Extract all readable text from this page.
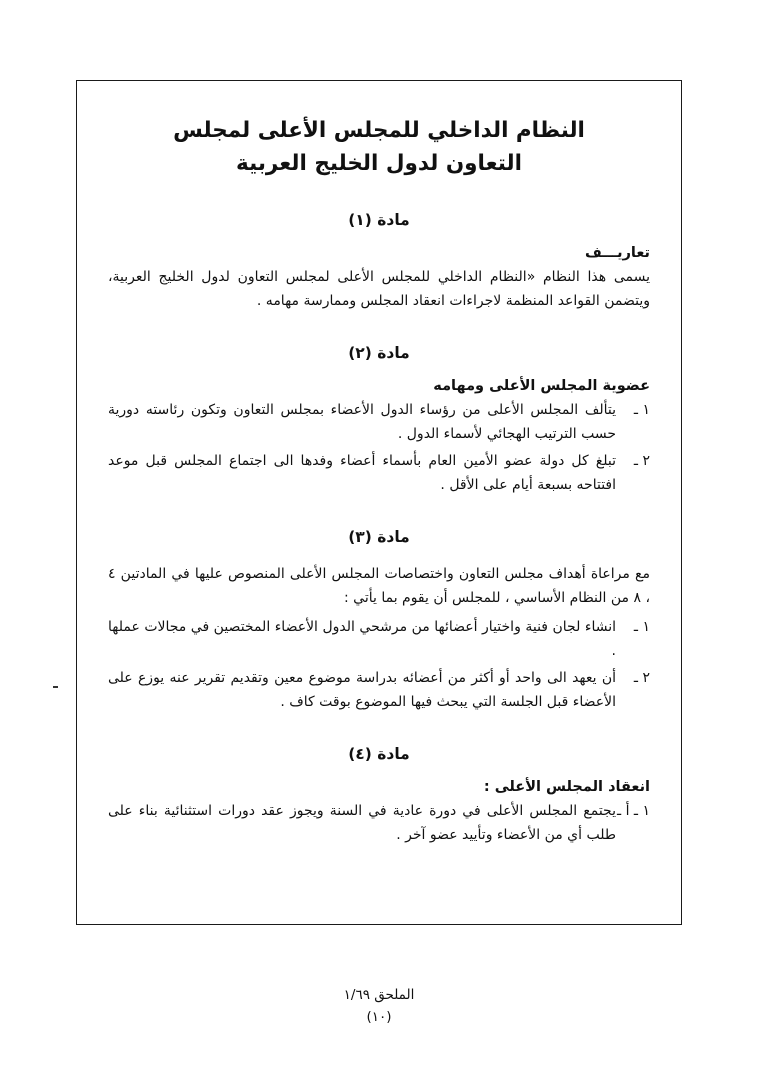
النظام الداخلي للمجلس الأعلى لمجلس
التعاون لدول الخليج العربية
مادة (١)
تعاريـــف
يسمى هذا النظام «النظام الداخلي للمجلس الأعلى لمجلس التعاون لدول الخليج العربية، ويتضمن القواعد المنظمة لاجراءات انعقاد المجلس وممارسة مهامه .
مادة (٢)
عضوية المجلس الأعلى ومهامه
١ ـ
يتألف المجلس الأعلى من رؤساء الدول الأعضاء بمجلس التعاون وتكون رئاسته دورية حسب الترتيب الهجائي لأسماء الدول .
٢ ـ
تبلغ كل دولة عضو الأمين العام بأسماء أعضاء وفدها الى اجتماع المجلس قبل موعد افتتاحه بسبعة أيام على الأقل .
مادة (٣)
مع مراعاة أهداف مجلس التعاون واختصاصات المجلس الأعلى المنصوص عليها في المادتين ٤ ، ٨ من النظام الأساسي ، للمجلس أن يقوم بما يأتي :
١ ـ
انشاء لجان فنية واختيار أعضائها من مرشحي الدول الأعضاء المختصين في مجالات عملها .
٢ ـ
أن يعهد الى واحد أو أكثر من أعضائه بدراسة موضوع معين وتقديم تقرير عنه يوزع على الأعضاء قبل الجلسة التي يبحث فيها الموضوع بوقت كاف .
مادة (٤)
انعقاد المجلس الأعلى :
١ ـ أ ـ
يجتمع المجلس الأعلى في دورة عادية في السنة ويجوز عقد دورات استثنائية بناء على طلب أي من الأعضاء وتأييد عضو آخر .
الملحق ١/٦٩
(١٠)
